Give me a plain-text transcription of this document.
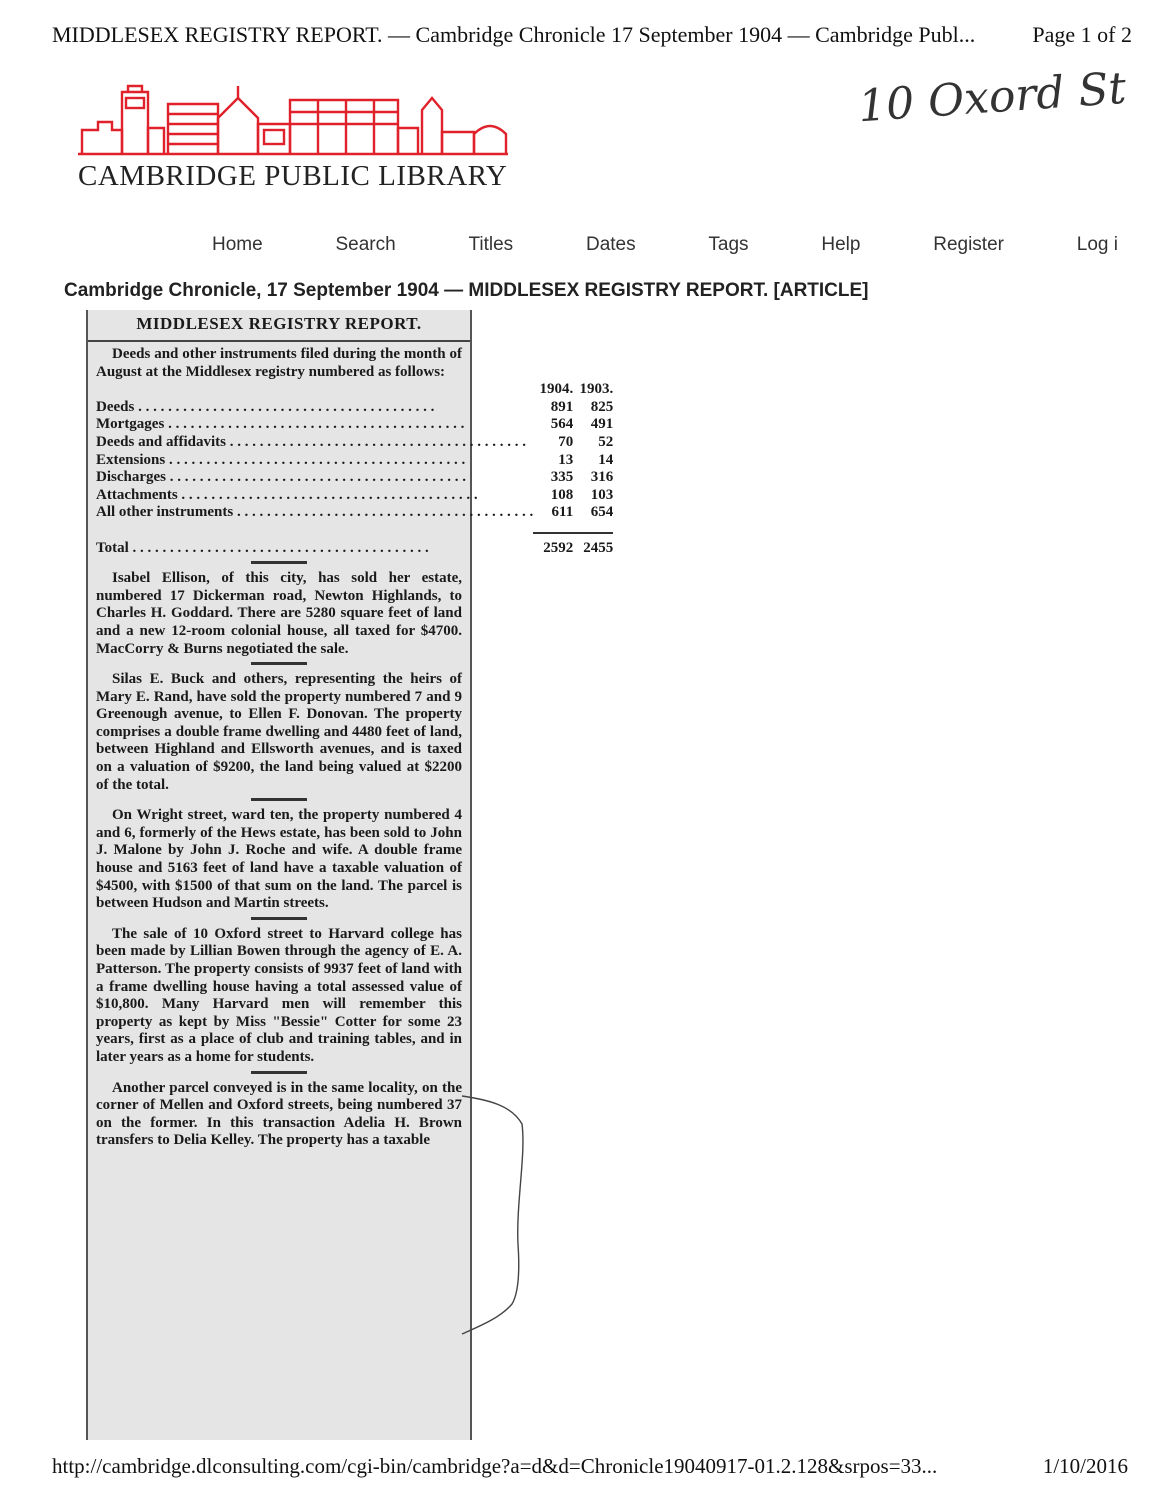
MIDDLESEX REGISTRY REPORT. — Cambridge Chronicle 17 September 1904 — Cambridge Publ...	Page 1 of 2
10 Oxord St
CAMBRIDGE PUBLIC LIBRARY
Home	Search	Titles	Dates	Tags	Help	Register	Log i
Cambridge Chronicle, 17 September 1904 — MIDDLESEX REGISTRY REPORT. [ARTICLE]
MIDDLESEX REGISTRY REPORT.

Deeds and other instruments filed during the month of August at the Middlesex registry numbered as follows:

	1904.	1903.
Deeds . . . . . . . . . . . . . . . . . . . . . . . . . . . . . . . . . . . . . . . .	891	825
Mortgages . . . . . . . . . . . . . . . . . . . . . . . . . . . . . . . . . . . . . . . .	564	491
Deeds and affidavits . . . . . . . . . . . . . . . . . . . . . . . . . . . . . . . . . . . . . . . .	70	52
Extensions . . . . . . . . . . . . . . . . . . . . . . . . . . . . . . . . . . . . . . . .	13	14
Discharges . . . . . . . . . . . . . . . . . . . . . . . . . . . . . . . . . . . . . . . .	335	316
Attachments . . . . . . . . . . . . . . . . . . . . . . . . . . . . . . . . . . . . . . . .	108	103
All other instruments . . . . . . . . . . . . . . . . . . . . . . . . . . . . . . . . . . . . . . . .	611	654

Total . . . . . . . . . . . . . . . . . . . . . . . . . . . . . . . . . . . . . . . .	2592	2455

Isabel Ellison, of this city, has sold her estate, numbered 17 Dickerman road, Newton Highlands, to Charles H. Goddard. There are 5280 square feet of land and a new 12-room colonial house, all taxed for $4700. MacCorry & Burns negotiated the sale.

Silas E. Buck and others, representing the heirs of Mary E. Rand, have sold the property numbered 7 and 9 Greenough avenue, to Ellen F. Donovan. The property comprises a double frame dwelling and 4480 feet of land, between Highland and Ellsworth avenues, and is taxed on a valuation of $9200, the land being valued at $2200 of the total.

On Wright street, ward ten, the property numbered 4 and 6, formerly of the Hews estate, has been sold to John J. Malone by John J. Roche and wife. A double frame house and 5163 feet of land have a taxable valuation of $4500, with $1500 of that sum on the land. The parcel is between Hudson and Martin streets.

The sale of 10 Oxford street to Harvard college has been made by Lillian Bowen through the agency of E. A. Patterson. The property consists of 9937 feet of land with a frame dwelling house having a total assessed value of $10,800. Many Harvard men will remember this property as kept by Miss "Bessie" Cotter for some 23 years, first as a place of club and training tables, and in later years as a home for students.

Another parcel conveyed is in the same locality, on the corner of Mellen and Oxford streets, being numbered 37 on the former. In this transaction Adelia H. Brown transfers to Delia Kelley. The property has a taxable

http://cambridge.dlconsulting.com/cgi-bin/cambridge?a=d&d=Chronicle19040917-01.2.128&srpos=33...	1/10/2016
